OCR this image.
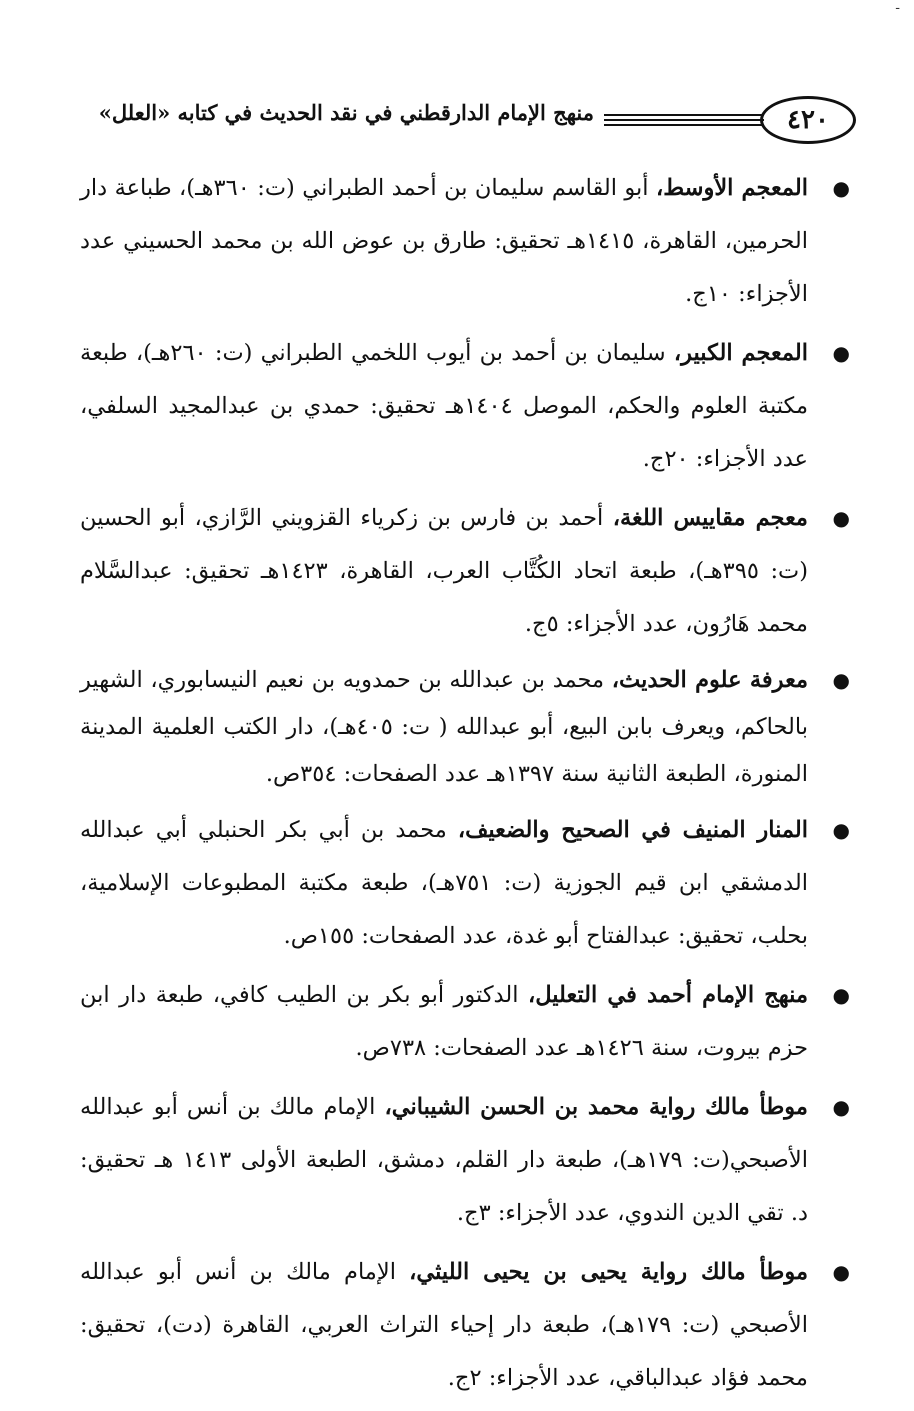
-
٤٢٠
منهج الإمام الدارقطني في نقد الحديث في كتابه «العلل»
●
المعجم الأوسط، أبو القاسم سليمان بن أحمد الطبراني (ت: ٣٦٠هـ)، طباعة دار الحرمين، القاهرة، ١٤١٥هـ تحقيق: طارق بن عوض الله بن محمد الحسيني عدد الأجزاء: ١٠ج.
●
المعجم الكبير، سليمان بن أحمد بن أيوب اللخمي الطبراني (ت: ٢٦٠هـ)، طبعة مكتبة العلوم والحكم، الموصل ١٤٠٤هـ تحقيق: حمدي بن عبدالمجيد السلفي، عدد الأجزاء: ٢٠ج.
●
معجم مقاييس اللغة، أحمد بن فارس بن زكرياء القزويني الرَّازي، أبو الحسين (ت: ٣٩٥هـ)، طبعة اتحاد الكُتَّاب العرب، القاهرة، ١٤٢٣هـ تحقيق: عبدالسَّلام محمد هَارُون، عدد الأجزاء: ٥ج.
●
معرفة علوم الحديث، محمد بن عبدالله بن حمدويه بن نعيم النيسابوري، الشهير بالحاكم، ويعرف بابن البيع، أبو عبدالله ( ت: ٤٠٥هـ)، دار الكتب العلمية المدينة المنورة، الطبعة الثانية سنة ١٣٩٧هـ عدد الصفحات: ٣٥٤ص.
●
المنار المنيف في الصحيح والضعيف، محمد بن أبي بكر الحنبلي أبي عبدالله الدمشقي ابن قيم الجوزية (ت: ٧٥١هـ)، طبعة مكتبة المطبوعات الإسلامية، بحلب، تحقيق: عبدالفتاح أبو غدة، عدد الصفحات: ١٥٥ص.
●
منهج الإمام أحمد في التعليل، الدكتور أبو بكر بن الطيب كافي، طبعة دار ابن حزم بيروت، سنة ١٤٢٦هـ عدد الصفحات: ٧٣٨ص.
●
موطأ مالك رواية محمد بن الحسن الشيباني، الإمام مالك بن أنس أبو عبدالله الأصبحي(ت: ١٧٩هـ)، طبعة دار القلم، دمشق، الطبعة الأولى ١٤١٣ هـ تحقيق: د. تقي الدين الندوي، عدد الأجزاء: ٣ج.
●
موطأ مالك رواية يحيى بن يحيى الليثي، الإمام مالك بن أنس أبو عبدالله الأصبحي (ت: ١٧٩هـ)، طبعة دار إحياء التراث العربي، القاهرة (دت)، تحقيق: محمد فؤاد عبدالباقي، عدد الأجزاء: ٢ج.
